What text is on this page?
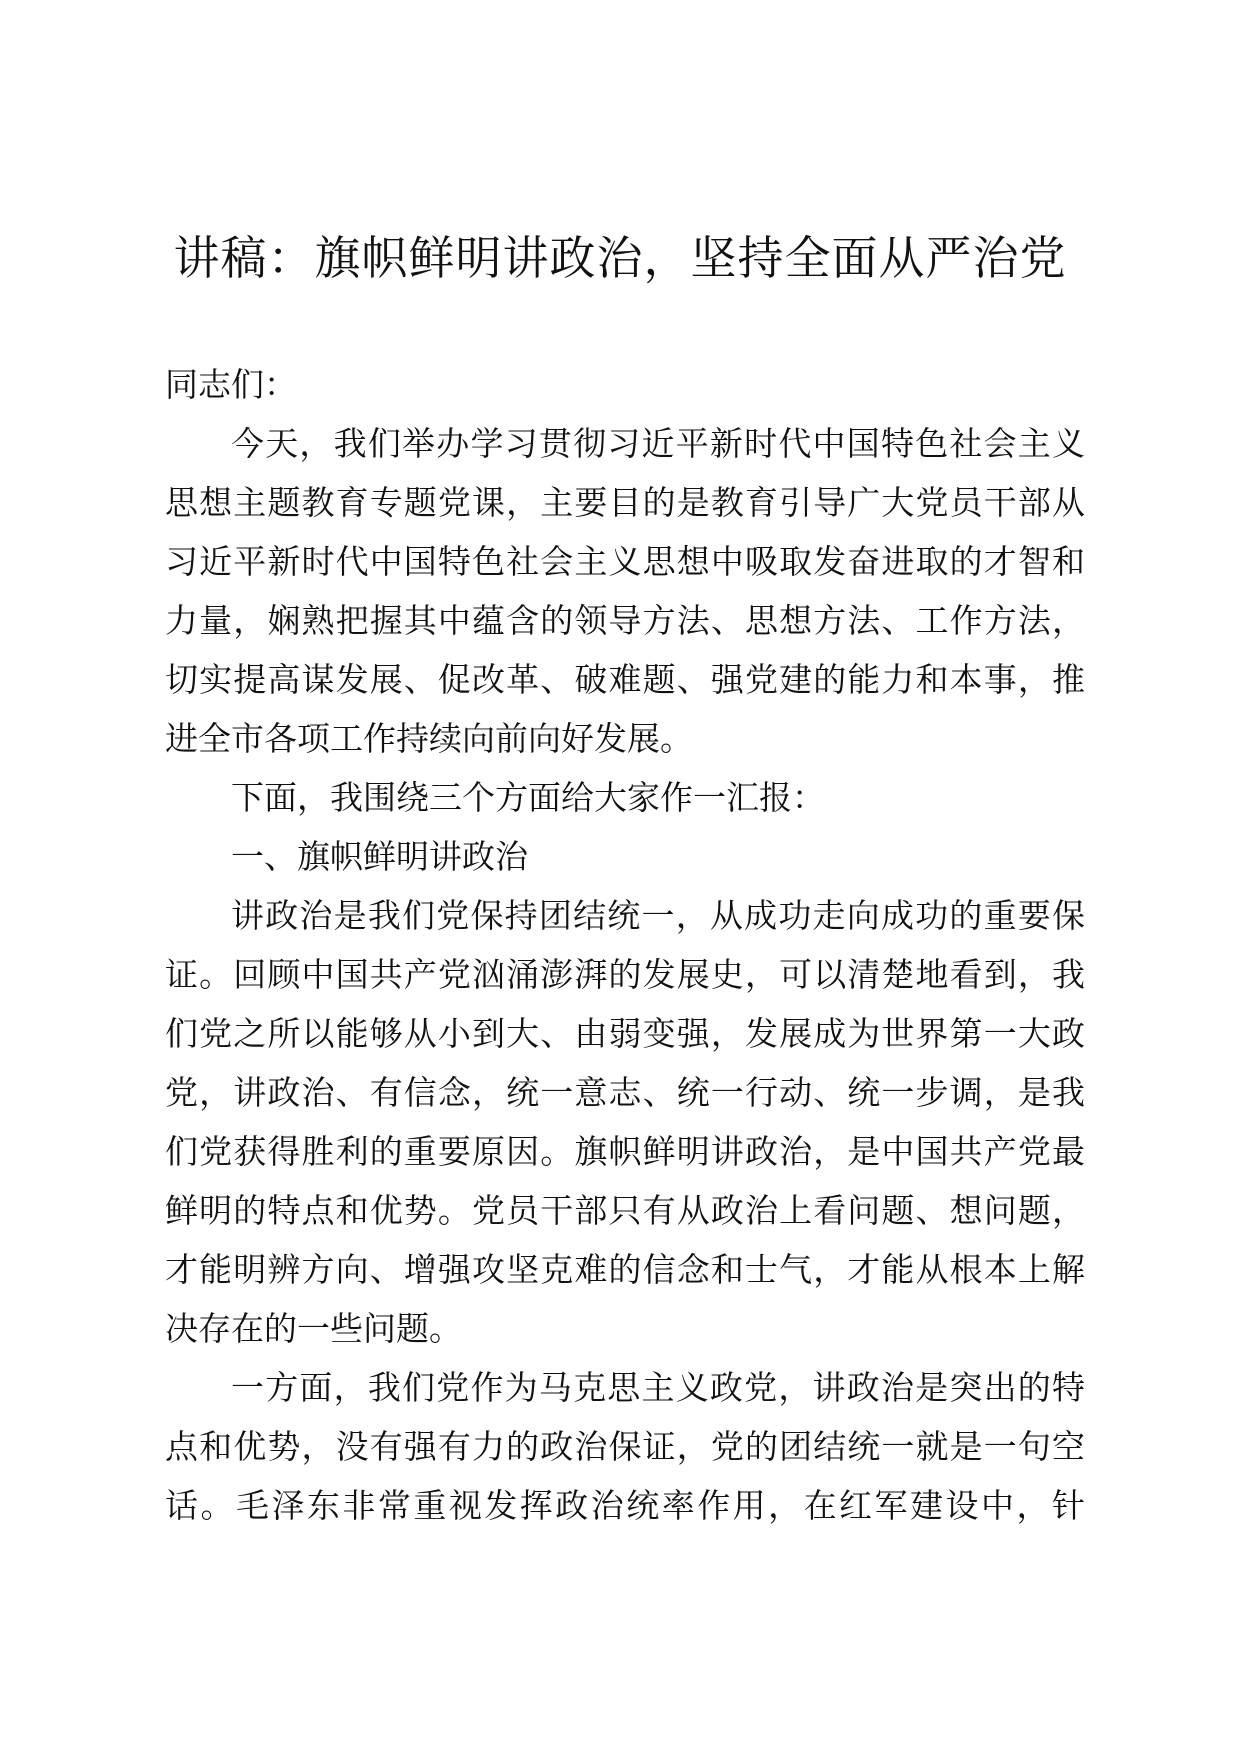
讲稿：旗帜鲜明讲政治，坚持全面从严治党
同志们：
今天，我们举办学习贯彻习近平新时代中国特色社会主义
思想主题教育专题党课，主要目的是教育引导广大党员干部从
习近平新时代中国特色社会主义思想中吸取发奋进取的才智和
力量，娴熟把握其中蕴含的领导方法、思想方法、工作方法，
切实提高谋发展、促改革、破难题、强党建的能力和本事，推
进全市各项工作持续向前向好发展。
下面，我围绕三个方面给大家作一汇报：
一、旗帜鲜明讲政治
讲政治是我们党保持团结统一，从成功走向成功的重要保
证。回顾中国共产党汹涌澎湃的发展史，可以清楚地看到，我
们党之所以能够从小到大、由弱变强，发展成为世界第一大政
党，讲政治、有信念，统一意志、统一行动、统一步调，是我
们党获得胜利的重要原因。旗帜鲜明讲政治，是中国共产党最
鲜明的特点和优势。党员干部只有从政治上看问题、想问题，
才能明辨方向、增强攻坚克难的信念和士气，才能从根本上解
决存在的一些问题。
一方面，我们党作为马克思主义政党，讲政治是突出的特
点和优势，没有强有力的政治保证，党的团结统一就是一句空
话。毛泽东非常重视发挥政治统率作用，在红军建设中，针
